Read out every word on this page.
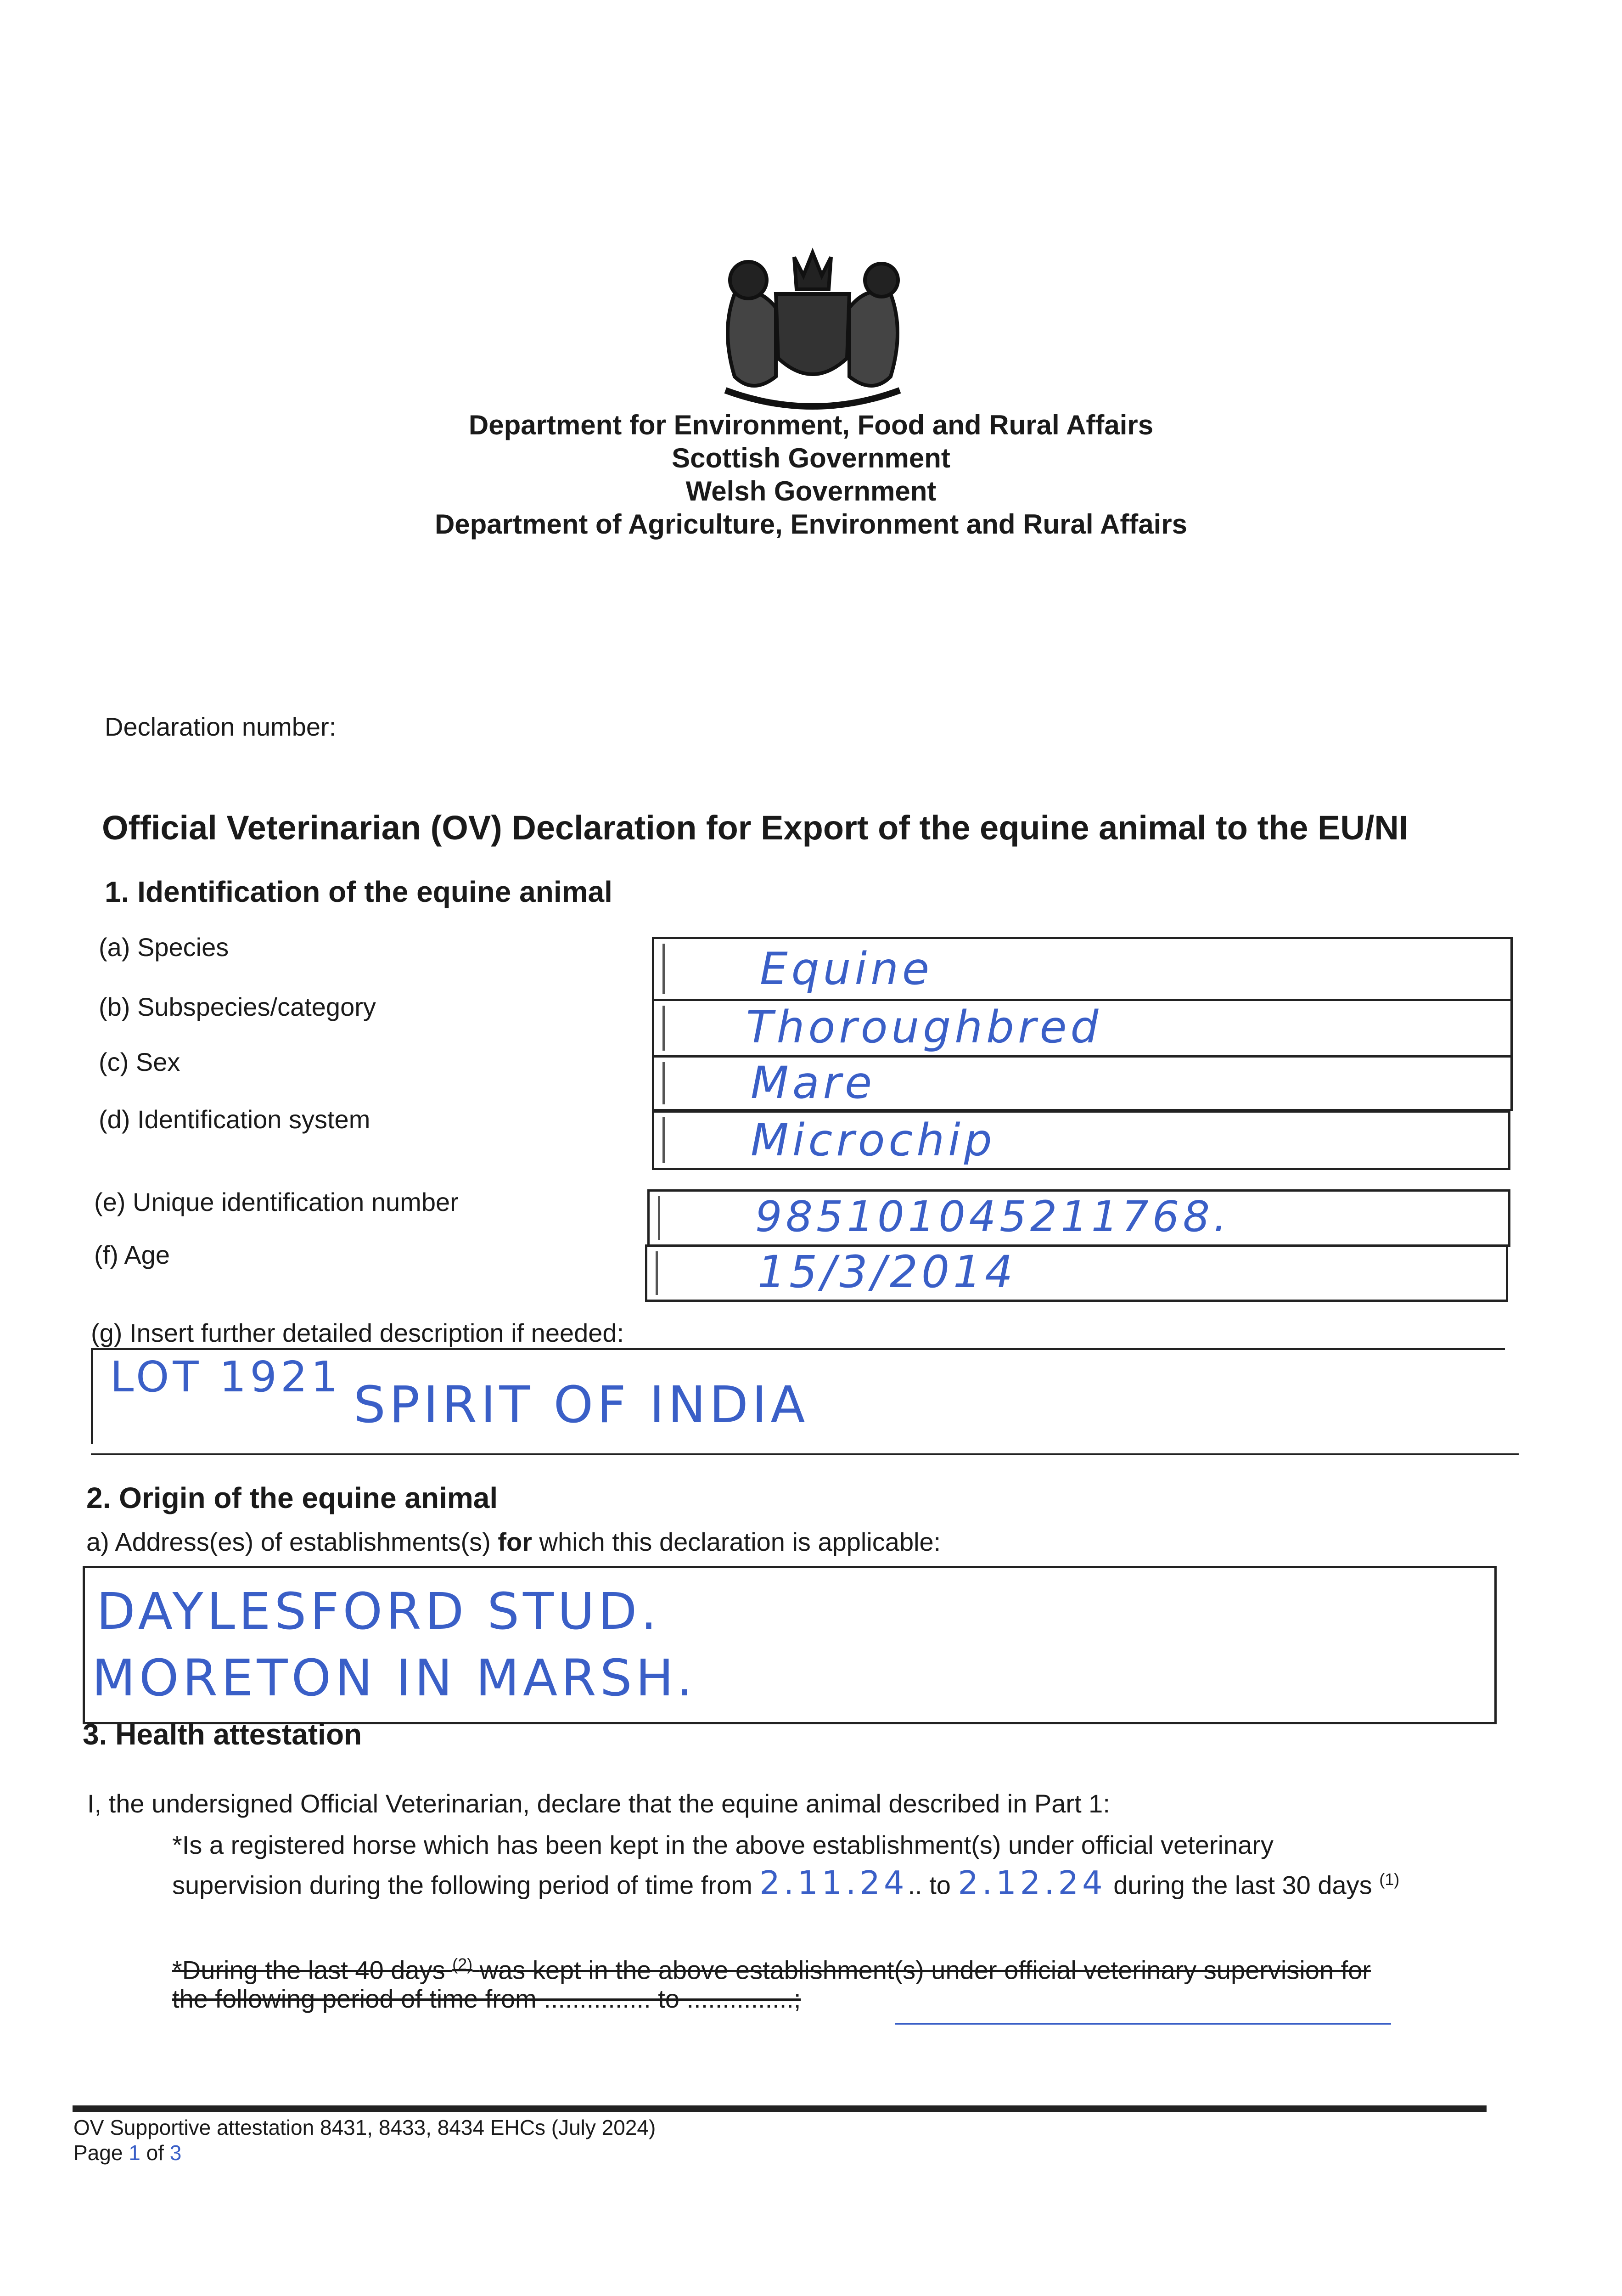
Department for Environment, Food and Rural Affairs
Scottish Government
Welsh Government
Department of Agriculture, Environment and Rural Affairs
Declaration number:
Official Veterinarian (OV) Declaration for Export of the equine animal to the EU/NI
1. Identification of the equine animal
(a) Species	Equine
(b) Subspecies/category	Thoroughbred
(c) Sex	Mare
(d) Identification system	Microchip
(e) Unique identification number	985101045211768.
(f) Age	15/3/2014
(g) Insert further detailed description if needed:
LOT 1921 SPIRIT OF INDIA
2. Origin of the equine animal
a) Address(es) of establishments(s) for which this declaration is applicable:
DAYLESFORD STUD.
MORETON IN MARSH.
3. Health attestation
I, the undersigned Official Veterinarian, declare that the equine animal described in Part 1:
*Is a registered horse which has been kept in the above establishment(s) under official veterinary
supervision during the following period of time from 2.11.24.. to 2.12.24 during the last 30 days $^{(1)}$
*During the last 40 days $^{(2)}$ was kept in the above establishment(s) under official veterinary supervision for
the following period of time from ............... to ...............;
OV Supportive attestation 8431, 8433, 8434 EHCs (July 2024)
Page 1 of 3
